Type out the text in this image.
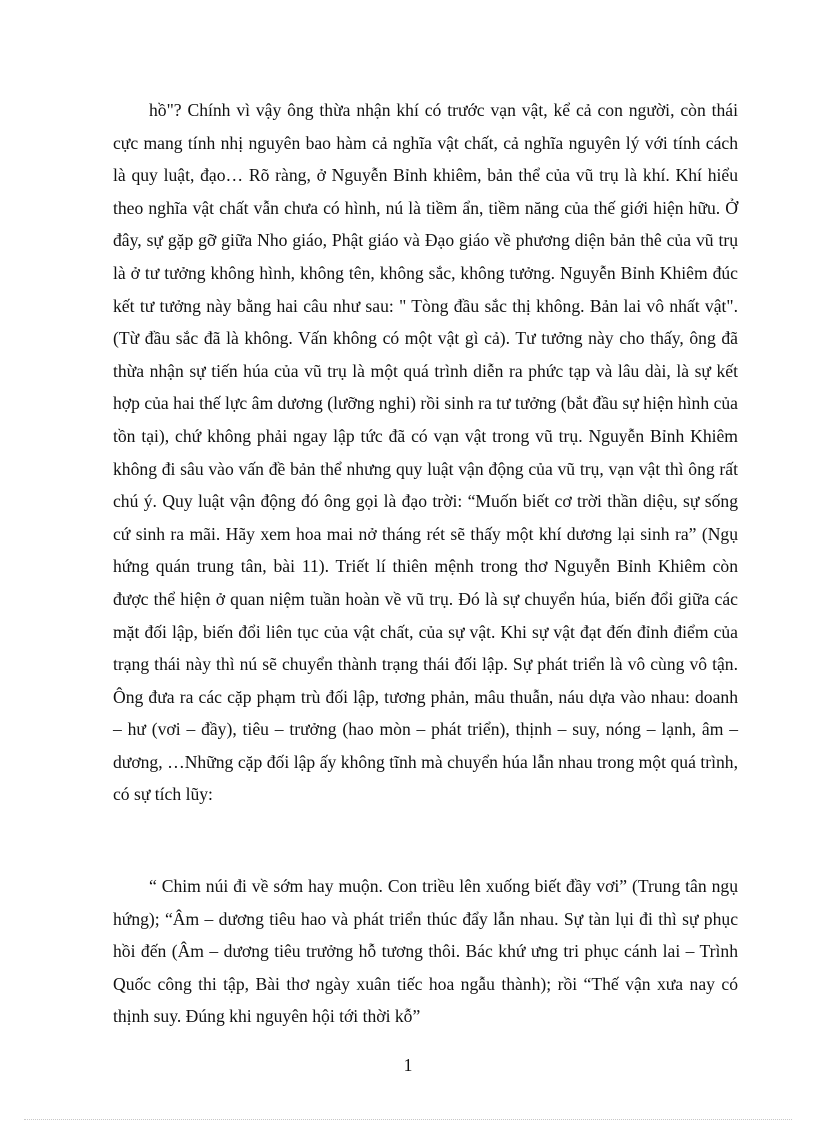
hồ"? Chính vì vậy ông thừa nhận khí có trước vạn vật, kể cả con người, còn thái cực mang tính nhị nguyên bao hàm cả nghĩa vật chất, cả nghĩa nguyên lý với tính cách là quy luật, đạo… Rõ ràng, ở Nguyễn Bỉnh khiêm, bản thể của vũ trụ là khí. Khí hiểu theo nghĩa vật chất vẫn chưa có hình, nú là tiềm ẩn, tiềm năng của thế giới hiện hữu. Ở đây, sự gặp gỡ giữa Nho giáo, Phật giáo và Đạo giáo về phương diện bản thê của vũ trụ là ở tư tưởng không hình, không tên, không sắc, không tưởng. Nguyễn Bỉnh Khiêm đúc kết tư tưởng này bằng hai câu như sau: " Tòng đầu sắc thị không. Bản lai vô nhất vật". (Từ đầu sắc đã là không. Vấn không có một vật gì cả). Tư tưởng này cho thấy, ông đã thừa nhận sự tiến húa của vũ trụ là một quá trình diễn ra phức tạp và lâu dài, là sự kết hợp của hai thế lực âm dương (lưỡng nghi) rồi sinh ra tư tưởng (bắt đầu sự hiện hình của tồn tại), chứ không phải ngay lập tức đã có vạn vật trong vũ trụ. Nguyễn Bỉnh Khiêm không đi sâu vào vấn đề bản thể nhưng quy luật vận động của vũ trụ, vạn vật thì ông rất chú ý. Quy luật vận động đó ông gọi là đạo trời: “Muốn biết cơ trời thần diệu, sự sống cứ sinh ra mãi. Hãy xem hoa mai nở tháng rét sẽ thấy một khí dương lại sinh ra” (Ngụ hứng quán trung tân, bài 11). Triết lí thiên mệnh trong thơ Nguyễn Bỉnh Khiêm còn được thể hiện ở quan niệm tuần hoàn về vũ trụ. Đó là sự chuyển húa, biến đổi giữa các mặt đối lập, biến đổi liên tục của vật chất, của sự vật. Khi sự vật đạt đến đỉnh điểm của trạng thái này thì nú sẽ chuyển thành trạng thái đối lập. Sự phát triển là vô cùng vô tận. Ông đưa ra các cặp phạm trù đối lập, tương phản, mâu thuẫn, náu dựa vào nhau: doanh – hư (vơi – đầy), tiêu – trưởng (hao mòn – phát triển), thịnh – suy, nóng – lạnh, âm – dương, …Những cặp đối lập ấy không tĩnh mà chuyển húa lẫn nhau trong một quá trình, có sự tích lũy:

“ Chim núi đi về sớm hay muộn. Con triều lên xuống biết đầy vơi” (Trung tân ngụ hứng); “Âm – dương tiêu hao và phát triển thúc đẩy lẫn nhau. Sự tàn lụi đi thì sự phục hồi đến (Âm – dương tiêu trưởng hỗ tương thôi. Bác khứ ưng tri phục cánh lai – Trình Quốc công thi tập, Bài thơ ngày xuân tiếc hoa ngẫu thành); rồi “Thế vận xưa nay có thịnh suy. Đúng khi nguyên hội tới thời kỗ”

1
